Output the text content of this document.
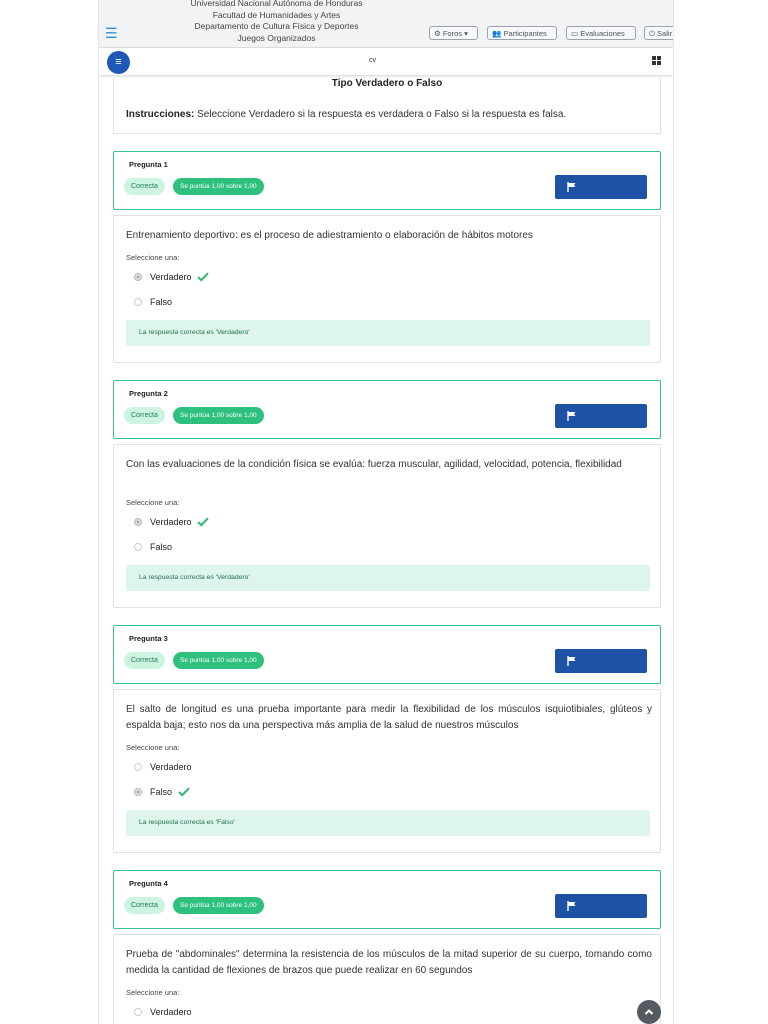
☰
Universidad Nacional Autónoma de Honduras
Facultad de Humanidades y Artes
Departamento de Cultura Física y Deportes
Juegos Organizados	⚙ Foros ▾	👥 Participantes	▭ Evaluaciones	⏻ Salir
≡	cv
Tipo Verdadero o Falso
Instrucciones: Seleccione Verdadero si la respuesta es verdadera o Falso si la respuesta es falsa.
Pregunta 1
Correcta	Se puntúa 1,00 sobre 1,00
Entrenamiento deportivo: es el proceso de adiestramiento o elaboración de hábitos motores
Seleccione una:
Verdadero
Falso
La respuesta correcta es 'Verdadero'
Pregunta 2
Correcta	Se puntúa 1,00 sobre 1,00
Con las evaluaciones de la condición física se evalúa: fuerza muscular, agilidad, velocidad, potencia, flexibilidad
Seleccione una:
Verdadero
Falso
La respuesta correcta es 'Verdadero'
Pregunta 3
Correcta	Se puntúa 1,00 sobre 1,00
El salto de longitud es una prueba importante para medir la flexibilidad de los músculos isquiotibiales, glúteos y espalda baja; esto nos da una perspectiva más amplia de la salud de nuestros músculos
Seleccione una:
Verdadero
Falso
La respuesta correcta es 'Falso'
Pregunta 4
Correcta	Se puntúa 1,00 sobre 1,00
Prueba de "abdominales" determina la resistencia de los músculos de la mitad superior de su cuerpo, tomando como medida la cantidad de flexiones de brazos que puede realizar en 60 segundos
Seleccione una:
Verdadero
